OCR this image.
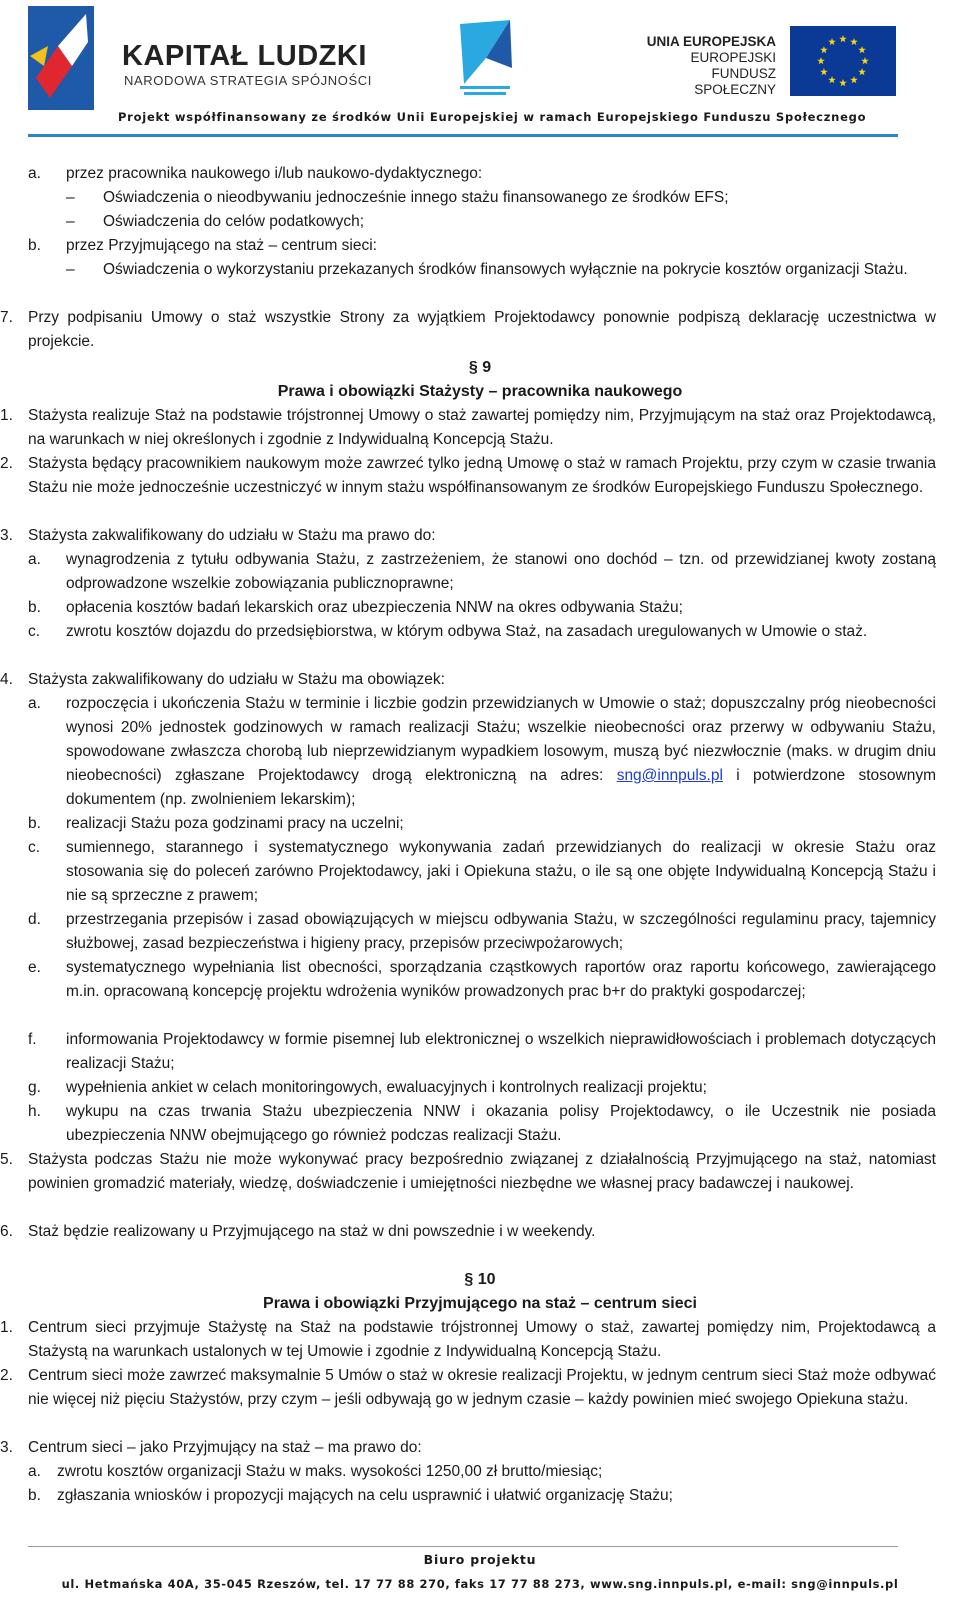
KAPITAŁ LUDZKI
NARODOWA STRATEGIA SPÓJNOŚCI
UNIA EUROPEJSKA
EUROPEJSKI
FUNDUSZ SPOŁECZNY
Projekt współfinansowany ze środków Unii Europejskiej w ramach Europejskiego Funduszu Społecznego
a. przez pracownika naukowego i/lub naukowo-dydaktycznego:
– Oświadczenia o nieodbywaniu jednocześnie innego stażu finansowanego ze środków EFS;
– Oświadczenia do celów podatkowych;
b. przez Przyjmującego na staż – centrum sieci:
– Oświadczenia o wykorzystaniu przekazanych środków finansowych wyłącznie na pokrycie kosztów organizacji Stażu.
7. Przy podpisaniu Umowy o staż wszystkie Strony za wyjątkiem Projektodawcy ponownie podpiszą deklarację uczestnictwa w projekcie.
§ 9
Prawa i obowiązki Stażysty – pracownika naukowego
1. Stażysta realizuje Staż na podstawie trójstronnej Umowy o staż zawartej pomiędzy nim, Przyjmującym na staż oraz Projektodawcą, na warunkach w niej określonych i zgodnie z Indywidualną Koncepcją Stażu.
2. Stażysta będący pracownikiem naukowym może zawrzeć tylko jedną Umowę o staż w ramach Projektu, przy czym w czasie trwania Stażu nie może jednocześnie uczestniczyć w innym stażu współfinansowanym ze środków Europejskiego Funduszu Społecznego.
3. Stażysta zakwalifikowany do udziału w Stażu ma prawo do:
a. wynagrodzenia z tytułu odbywania Stażu, z zastrzeżeniem, że stanowi ono dochód – tzn. od przewidzianej kwoty zostaną odprowadzone wszelkie zobowiązania publicznoprawne;
b. opłacenia kosztów badań lekarskich oraz ubezpieczenia NNW na okres odbywania Stażu;
c. zwrotu kosztów dojazdu do przedsiębiorstwa, w którym odbywa Staż, na zasadach uregulowanych w Umowie o staż.
4. Stażysta zakwalifikowany do udziału w Stażu ma obowiązek:
a. rozpoczęcia i ukończenia Stażu w terminie i liczbie godzin przewidzianych w Umowie o staż; dopuszczalny próg nieobecności wynosi 20% jednostek godzinowych w ramach realizacji Stażu; wszelkie nieobecności oraz przerwy w odbywaniu Stażu, spowodowane zwłaszcza chorobą lub nieprzewidzianym wypadkiem losowym, muszą być niezwłocznie (maks. w drugim dniu nieobecności) zgłaszane Projektodawcy drogą elektroniczną na adres: sng@innpuls.pl i potwierdzone stosownym dokumentem (np. zwolnieniem lekarskim);
b. realizacji Stażu poza godzinami pracy na uczelni;
c. sumiennego, starannego i systematycznego wykonywania zadań przewidzianych do realizacji w okresie Stażu oraz stosowania się do poleceń zarówno Projektodawcy, jaki i Opiekuna stażu, o ile są one objęte Indywidualną Koncepcją Stażu i nie są sprzeczne z prawem;
d. przestrzegania przepisów i zasad obowiązujących w miejscu odbywania Stażu, w szczególności regulaminu pracy, tajemnicy służbowej, zasad bezpieczeństwa i higieny pracy, przepisów przeciwpożarowych;
e. systematycznego wypełniania list obecności, sporządzania cząstkowych raportów oraz raportu końcowego, zawierającego m.in. opracowaną koncepcję projektu wdrożenia wyników prowadzonych prac b+r do praktyki gospodarczej;
f. informowania Projektodawcy w formie pisemnej lub elektronicznej o wszelkich nieprawidłowościach i problemach dotyczących realizacji Stażu;
g. wypełnienia ankiet w celach monitoringowych, ewaluacyjnych i kontrolnych realizacji projektu;
h. wykupu na czas trwania Stażu ubezpieczenia NNW i okazania polisy Projektodawcy, o ile Uczestnik nie posiada ubezpieczenia NNW obejmującego go również podczas realizacji Stażu.
5. Stażysta podczas Stażu nie może wykonywać pracy bezpośrednio związanej z działalnością Przyjmującego na staż, natomiast powinien gromadzić materiały, wiedzę, doświadczenie i umiejętności niezbędne we własnej pracy badawczej i naukowej.
6. Staż będzie realizowany u Przyjmującego na staż w dni powszednie i w weekendy.
§ 10
Prawa i obowiązki Przyjmującego na staż – centrum sieci
1. Centrum sieci przyjmuje Stażystę na Staż na podstawie trójstronnej Umowy o staż, zawartej pomiędzy nim, Projektodawcą a Stażystą na warunkach ustalonych w tej Umowie i zgodnie z Indywidualną Koncepcją Stażu.
2. Centrum sieci może zawrzeć maksymalnie 5 Umów o staż w okresie realizacji Projektu, w jednym centrum sieci Staż może odbywać nie więcej niż pięciu Stażystów, przy czym – jeśli odbywają go w jednym czasie – każdy powinien mieć swojego Opiekuna stażu.
3. Centrum sieci – jako Przyjmujący na staż – ma prawo do:
a. zwrotu kosztów organizacji Stażu w maks. wysokości 1250,00 zł brutto/miesiąc;
b. zgłaszania wniosków i propozycji mających na celu usprawnić i ułatwić organizację Stażu;
Biuro projektu
ul. Hetmańska 40A, 35-045 Rzeszów, tel. 17 77 88 270, faks 17 77 88 273, www.sng.innpuls.pl, e-mail: sng@innpuls.pl
